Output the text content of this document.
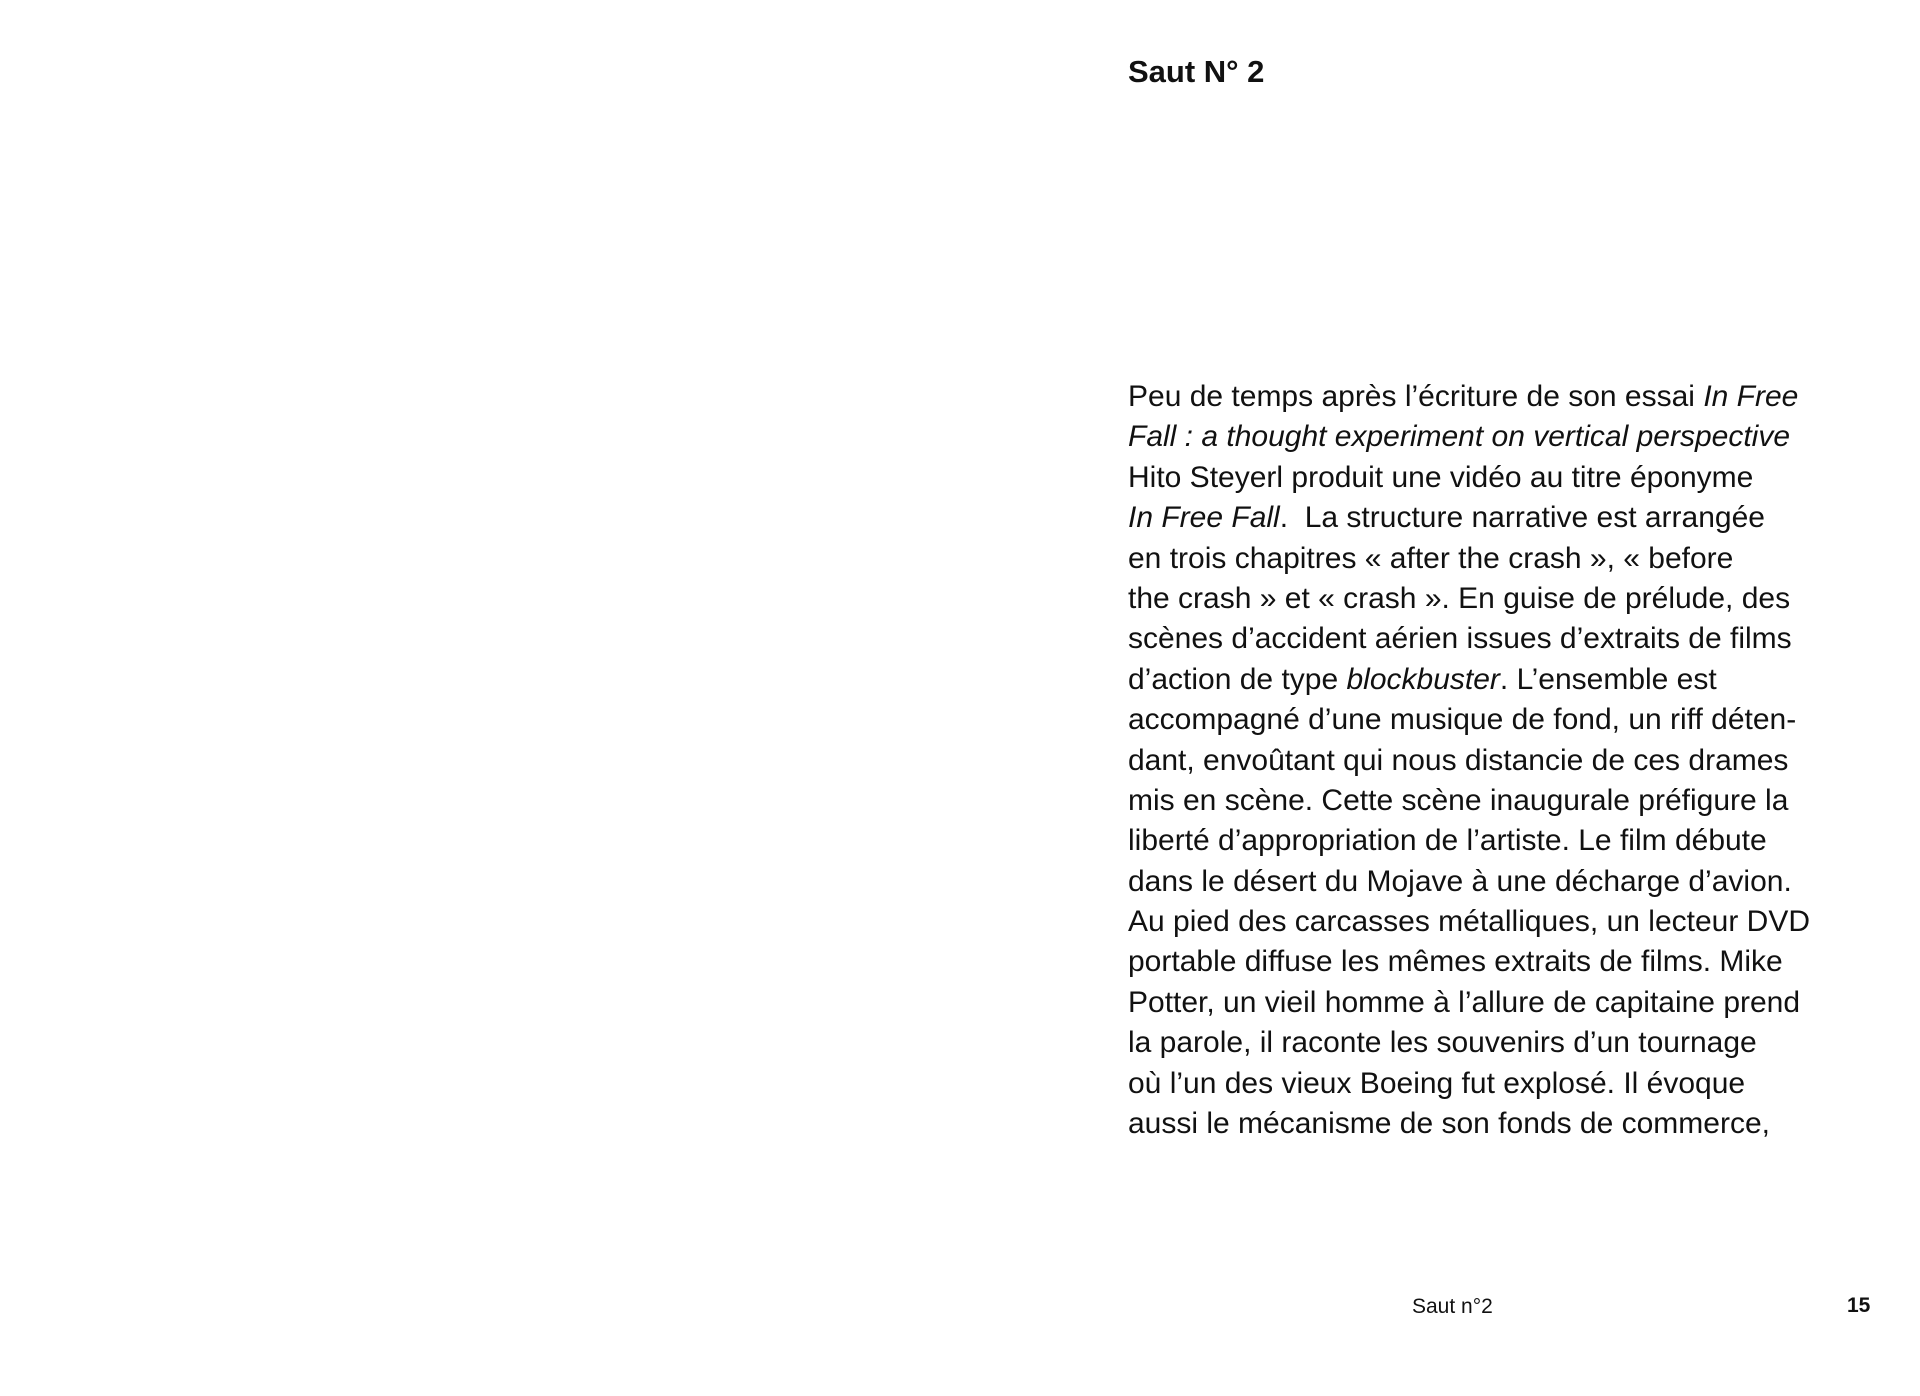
Saut N° 2
Peu de temps après l’écriture de son essai In Free
Fall : a thought experiment on vertical perspective
Hito Steyerl produit une vidéo au titre éponyme
In Free Fall.  La structure narrative est arrangée
en trois chapitres « after the crash », « before
the crash » et « crash ». En guise de prélude, des
scènes d’accident aérien issues d’extraits de films
d’action de type blockbuster. L’ensemble est
accompagné d’une musique de fond, un riff déten-
dant, envoûtant qui nous distancie de ces drames
mis en scène. Cette scène inaugurale préfigure la
liberté d’appropriation de l’artiste. Le film débute
dans le désert du Mojave à une décharge d’avion.
Au pied des carcasses métalliques, un lecteur DVD
portable diffuse les mêmes extraits de films. Mike
Potter, un vieil homme à l’allure de capitaine prend
la parole, il raconte les souvenirs d’un tournage
où l’un des vieux Boeing fut explosé. Il évoque
aussi le mécanisme de son fonds de commerce,
Saut n°2	15
